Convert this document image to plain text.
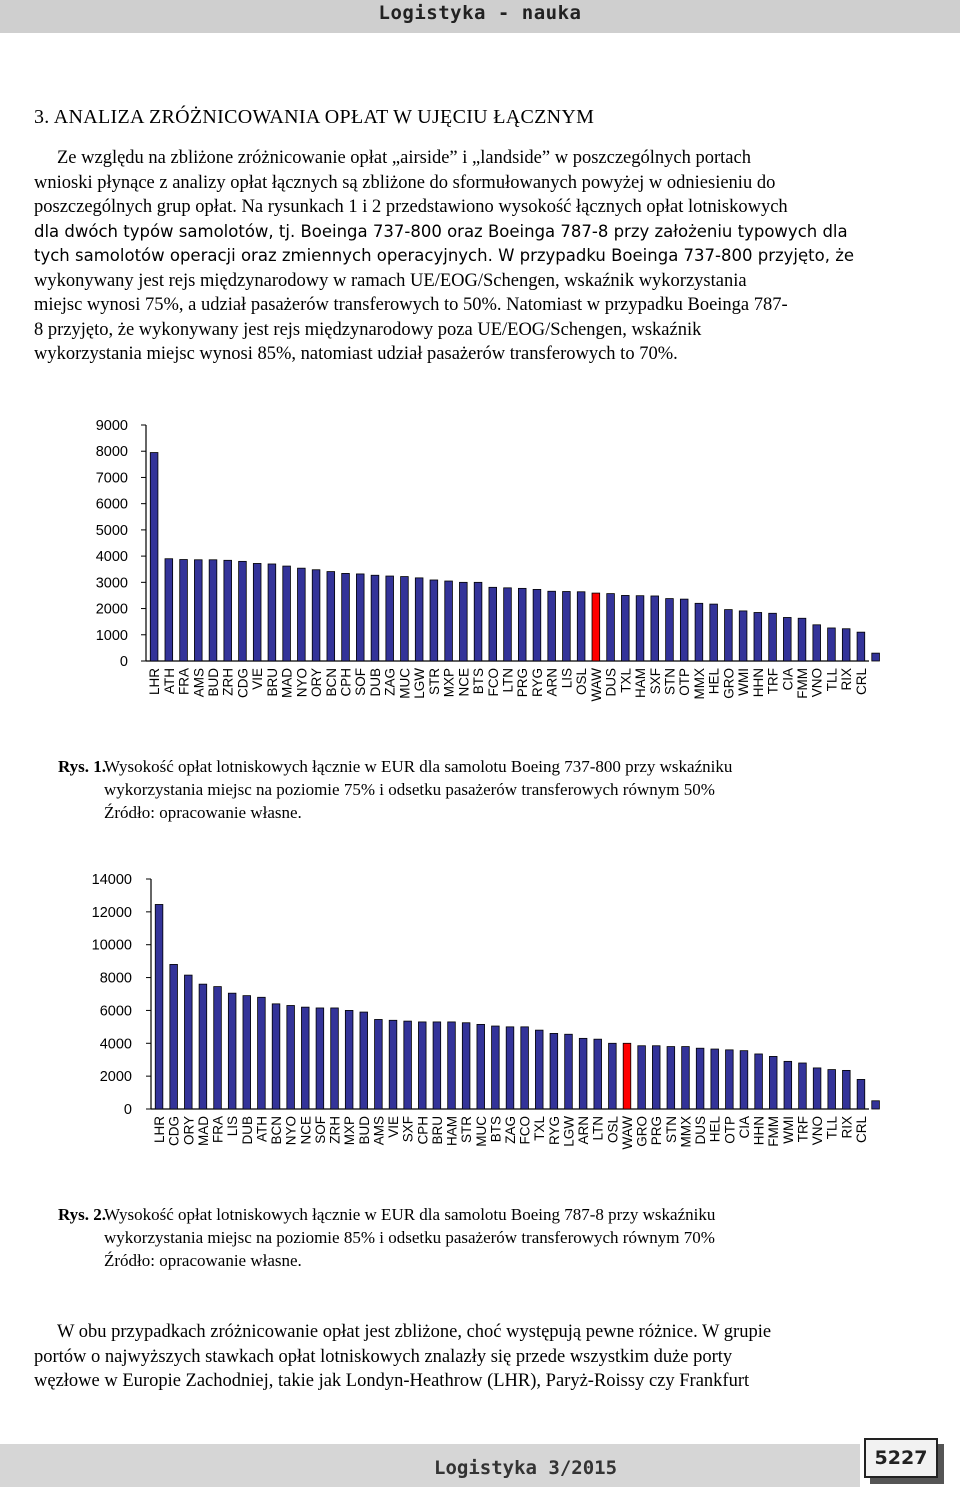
Logistyka - nauka
3. ANALIZA ZRÓŻNICOWANIA OPŁAT W UJĘCIU ŁĄCZNYM
Ze względu na zbliżone zróżnicowanie opłat „airside” i „landside” w poszczególnych portach
wnioski płynące z analizy opłat łącznych są zbliżone do sformułowanych powyżej w odniesieniu do
poszczególnych grup opłat. Na rysunkach 1 i 2 przedstawiono wysokość łącznych opłat lotniskowych
dla dwóch typów samolotów, tj. Boeinga 737-800 oraz Boeinga 787-8 przy założeniu typowych dla
tych samolotów operacji oraz zmiennych operacyjnych. W przypadku Boeinga 737-800 przyjęto, że
wykonywany jest rejs międzynarodowy w ramach UE/EOG/Schengen, wskaźnik wykorzystania
miejsc wynosi 75%, a udział pasażerów transferowych to 50%. Natomiast w przypadku Boeinga 787-
8 przyjęto, że wykonywany jest rejs międzynarodowy poza UE/EOG/Schengen, wskaźnik
wykorzystania miejsc wynosi 85%, natomiast udział pasażerów transferowych to 70%.
0
1000
2000
3000
4000
5000
6000
7000
8000
9000
LHR ATH FRA AMS BUD ZRH CDG VIE BRU MAD NYO ORY BCN CPH SOF DUB ZAG MUC LGW STR MXP NCE BTS FCO LTN PRG RYG ARN LIS OSL WAW DUS TXL HAM SXF STN OTP MMX HEL GRO WMI HHN TRF CIA FMM VNO TLL RIX CRL
0
2000
4000
6000
8000
10000
12000
14000
LHR CDG ORY MAD FRA LIS DUB ATH BCN NYO NCE SOF ZRH MXP BUD AMS VIE SXF CPH BRU HAM STR MUC BTS ZAG FCO TXL RYG LGW ARN LTN OSL WAW GRO PRG STN MMX DUS HEL OTP CIA HHN FMM WMI TRF VNO TLL RIX CRL
Rys. 1.
Wysokość opłat lotniskowych łącznie w EUR dla samolotu Boeing 737-800 przy wskaźniku
wykorzystania miejsc na poziomie 75% i odsetku pasażerów transferowych równym 50%
Źródło: opracowanie własne.
Rys. 2.
Wysokość opłat lotniskowych łącznie w EUR dla samolotu Boeing 787-8 przy wskaźniku
wykorzystania miejsc na poziomie 85% i odsetku pasażerów transferowych równym 70%
Źródło: opracowanie własne.
W obu przypadkach zróżnicowanie opłat jest zbliżone, choć występują pewne różnice. W grupie
portów o najwyższych stawkach opłat lotniskowych znalazły się przede wszystkim duże porty
węzłowe w Europie Zachodniej, takie jak Londyn-Heathrow (LHR), Paryż-Roissy czy Frankfurt
Logistyka 3/2015	5227
